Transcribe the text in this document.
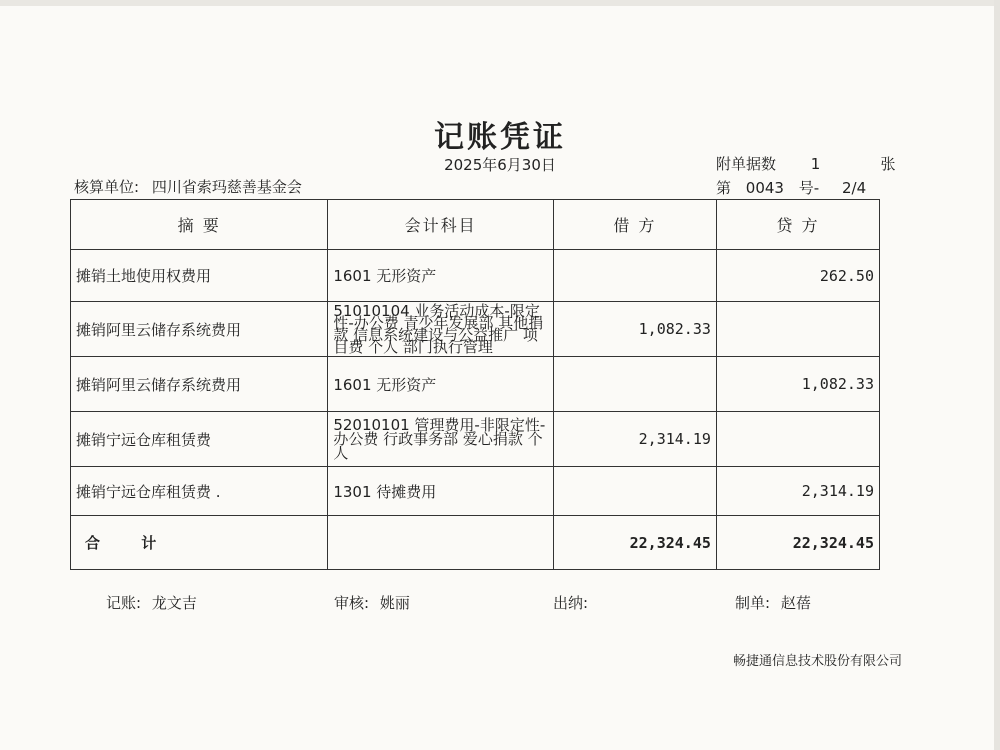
记账凭证
2025年6月30日	附单据数 1	张
核算单位: 四川省索玛慈善基金会	第 0043 号- 2/4
摘 要	会计科目	借 方	贷 方
摊销土地使用权费用	1601 无形资产		262.50
摊销阿里云储存系统费用	51010104 业务活动成本-限定性-办公费 青少年发展部 其他捐款 信息系统建设与公益推广 项目费 个人 部门执行管理	1,082.33	
摊销阿里云储存系统费用	1601 无形资产		1,082.33
摊销宁远仓库租赁费	52010101 管理费用-非限定性-办公费 行政事务部 爱心捐款 个人	2,314.19	
摊销宁远仓库租赁费 .	1301 待摊费用		2,314.19
合 计		22,324.45	22,324.45
记账: 龙文吉	审核: 姚丽	出纳:	制单: 赵蓓
畅捷通信息技术股份有限公司
